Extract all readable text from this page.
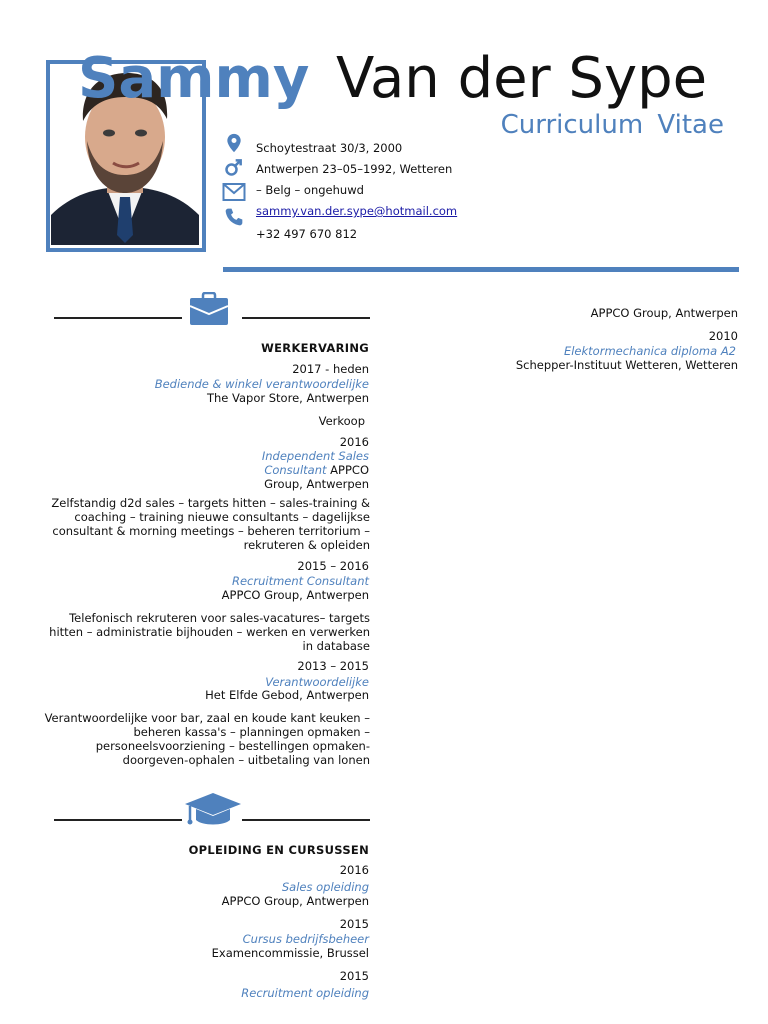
Sammy Van der Sype
Curriculum Vitae
Schoytestraat 30/3, 2000
Antwerpen 23–05–1992, Wetteren
– Belg – ongehuwd
sammy.van.der.sype@hotmail.com
+32 497 670 812
WERKERVARING
2017 - heden
Bediende & winkel verantwoordelijke
The Vapor Store, Antwerpen
Verkoop
2016
Independent Sales
Consultant APPCO
Group, Antwerpen
Zelfstandig d2d sales – targets hitten – sales-training & coaching – training nieuwe consultants – dagelijkse consultant & morning meetings – beheren territorium – rekruteren & opleiden
2015 – 2016
Recruitment Consultant
APPCO Group, Antwerpen
Telefonisch rekruteren voor sales-vacatures– targets hitten – administratie bijhouden – werken en verwerken in database
2013 – 2015
Verantwoordelijke
Het Elfde Gebod, Antwerpen
Verantwoordelijke voor bar, zaal en koude kant keuken – beheren kassa's – planningen opmaken – personeelsvoorziening – bestellingen opmaken-doorgeven-ophalen – uitbetaling van lonen
OPLEIDING EN CURSUSSEN
2016
Sales opleiding
APPCO Group, Antwerpen
2015
Cursus bedrijfsbeheer
Examencommissie, Brussel
2015
Recruitment opleiding
APPCO Group, Antwerpen
2010
Elektormechanica diploma A2
Schepper-Instituut Wetteren, Wetteren
